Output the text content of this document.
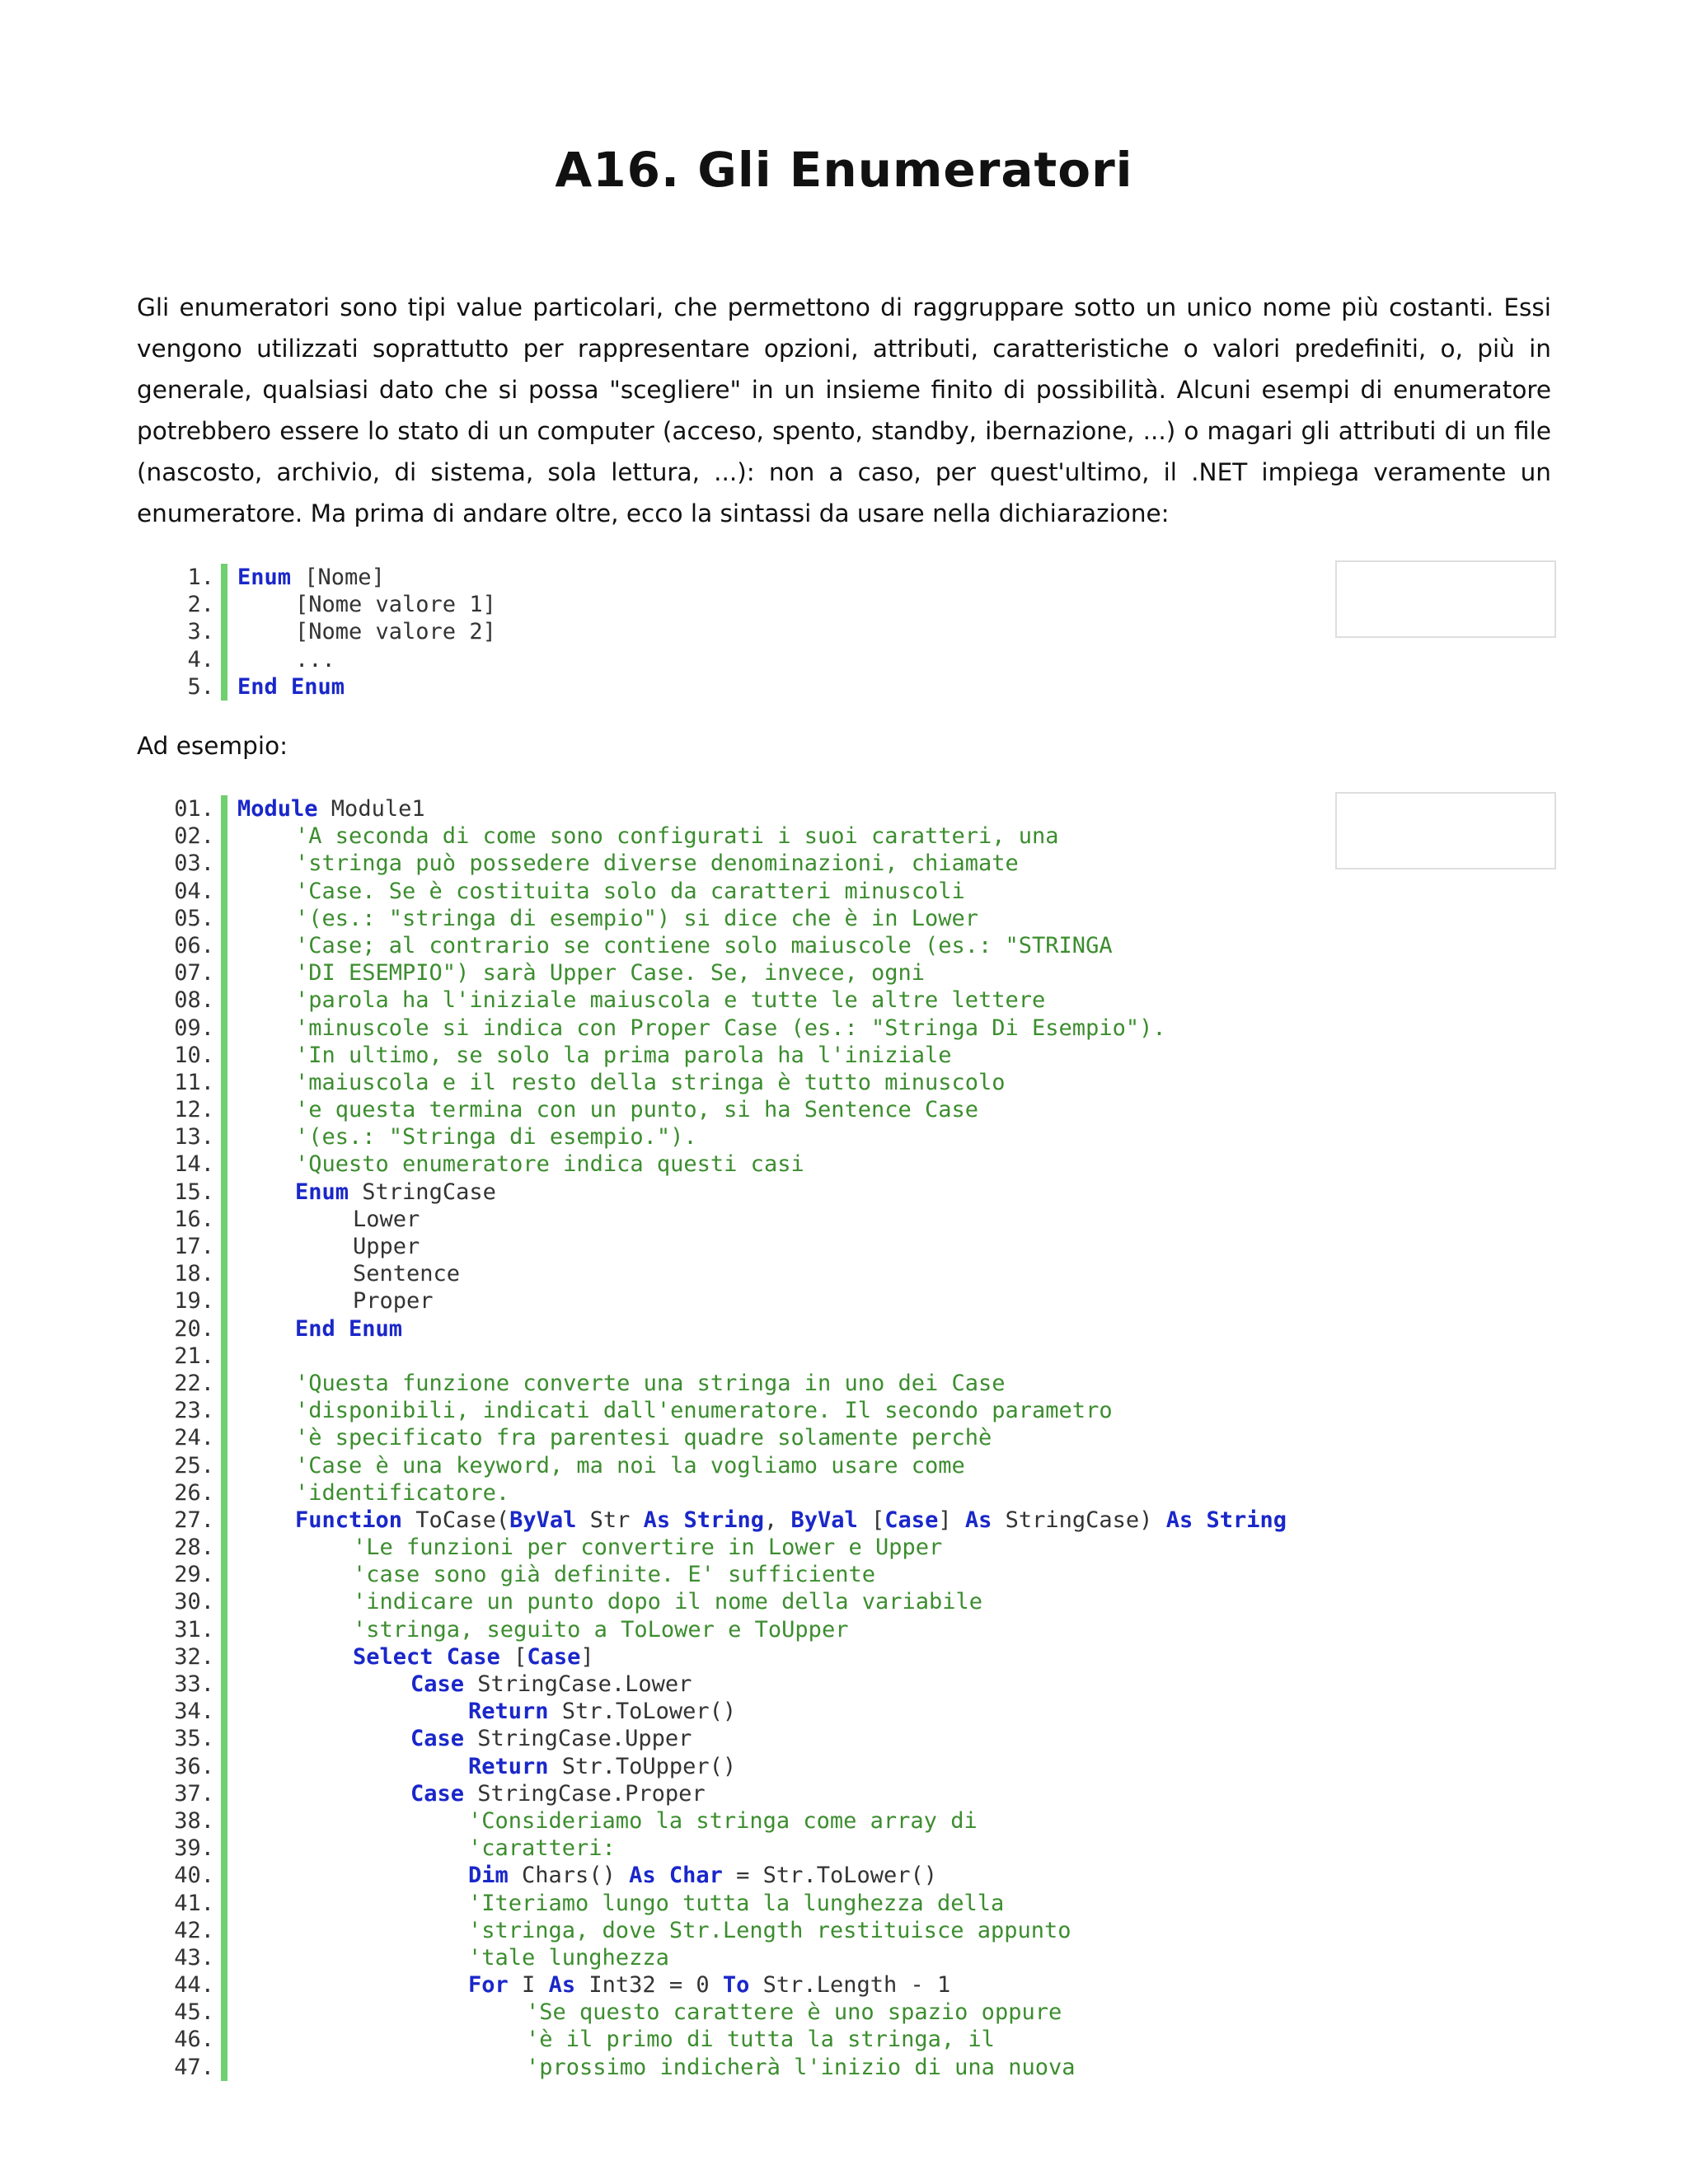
A16. Gli Enumeratori

Gli enumeratori sono tipi value particolari, che permettono di raggruppare sotto un unico nome più costanti. Essi vengono utilizzati soprattutto per rappresentare opzioni, attributi, caratteristiche o valori predefiniti, o, più in generale, qualsiasi dato che si possa "scegliere" in un insieme finito di possibilità. Alcuni esempi di enumeratore potrebbero essere lo stato di un computer (acceso, spento, standby, ibernazione, ...) o magari gli attributi di un file (nascosto, archivio, di sistema, sola lettura, ...): non a caso, per quest'ultimo, il .NET impiega veramente un enumeratore. Ma prima di andare oltre, ecco la sintassi da usare nella dichiarazione:

1. Enum [Nome]
2.	[Nome valore 1]
3.	[Nome valore 2]
4.	...
5. End Enum

Ad esempio:

01. Module Module1
02.	'A seconda di come sono configurati i suoi caratteri, una
03.	'stringa può possedere diverse denominazioni, chiamate
04.	'Case. Se è costituita solo da caratteri minuscoli
05.	'(es.: "stringa di esempio") si dice che è in Lower
06.	'Case; al contrario se contiene solo maiuscole (es.: "STRINGA
07.	'DI ESEMPIO") sarà Upper Case. Se, invece, ogni
08.	'parola ha l'iniziale maiuscola e tutte le altre lettere
09.	'minuscole si indica con Proper Case (es.: "Stringa Di Esempio").
10.	'In ultimo, se solo la prima parola ha l'iniziale
11.	'maiuscola e il resto della stringa è tutto minuscolo
12.	'e questa termina con un punto, si ha Sentence Case
13.	'(es.: "Stringa di esempio.").
14.	'Questo enumeratore indica questi casi
15.	Enum StringCase
16.	Lower
17.	Upper
18.	Sentence
19.	Proper
20.	End Enum
21.
22.	'Questa funzione converte una stringa in uno dei Case
23.	'disponibili, indicati dall'enumeratore. Il secondo parametro
24.	'è specificato fra parentesi quadre solamente perchè
25.	'Case è una keyword, ma noi la vogliamo usare come
26.	'identificatore.
27.	Function ToCase(ByVal Str As String, ByVal [Case] As StringCase) As String
28.	'Le funzioni per convertire in Lower e Upper
29.	'case sono già definite. E' sufficiente
30.	'indicare un punto dopo il nome della variabile
31.	'stringa, seguito a ToLower e ToUpper
32.	Select Case [Case]
33.	Case StringCase.Lower
34.	Return Str.ToLower()
35.	Case StringCase.Upper
36.	Return Str.ToUpper()
37.	Case StringCase.Proper
38.	'Consideriamo la stringa come array di
39.	'caratteri:
40.	Dim Chars() As Char = Str.ToLower()
41.	'Iteriamo lungo tutta la lunghezza della
42.	'stringa, dove Str.Length restituisce appunto
43.	'tale lunghezza
44.	For I As Int32 = 0 To Str.Length - 1
45.	'Se questo carattere è uno spazio oppure
46.	'è il primo di tutta la stringa, il
47.	'prossimo indicherà l'inizio di una nuova
